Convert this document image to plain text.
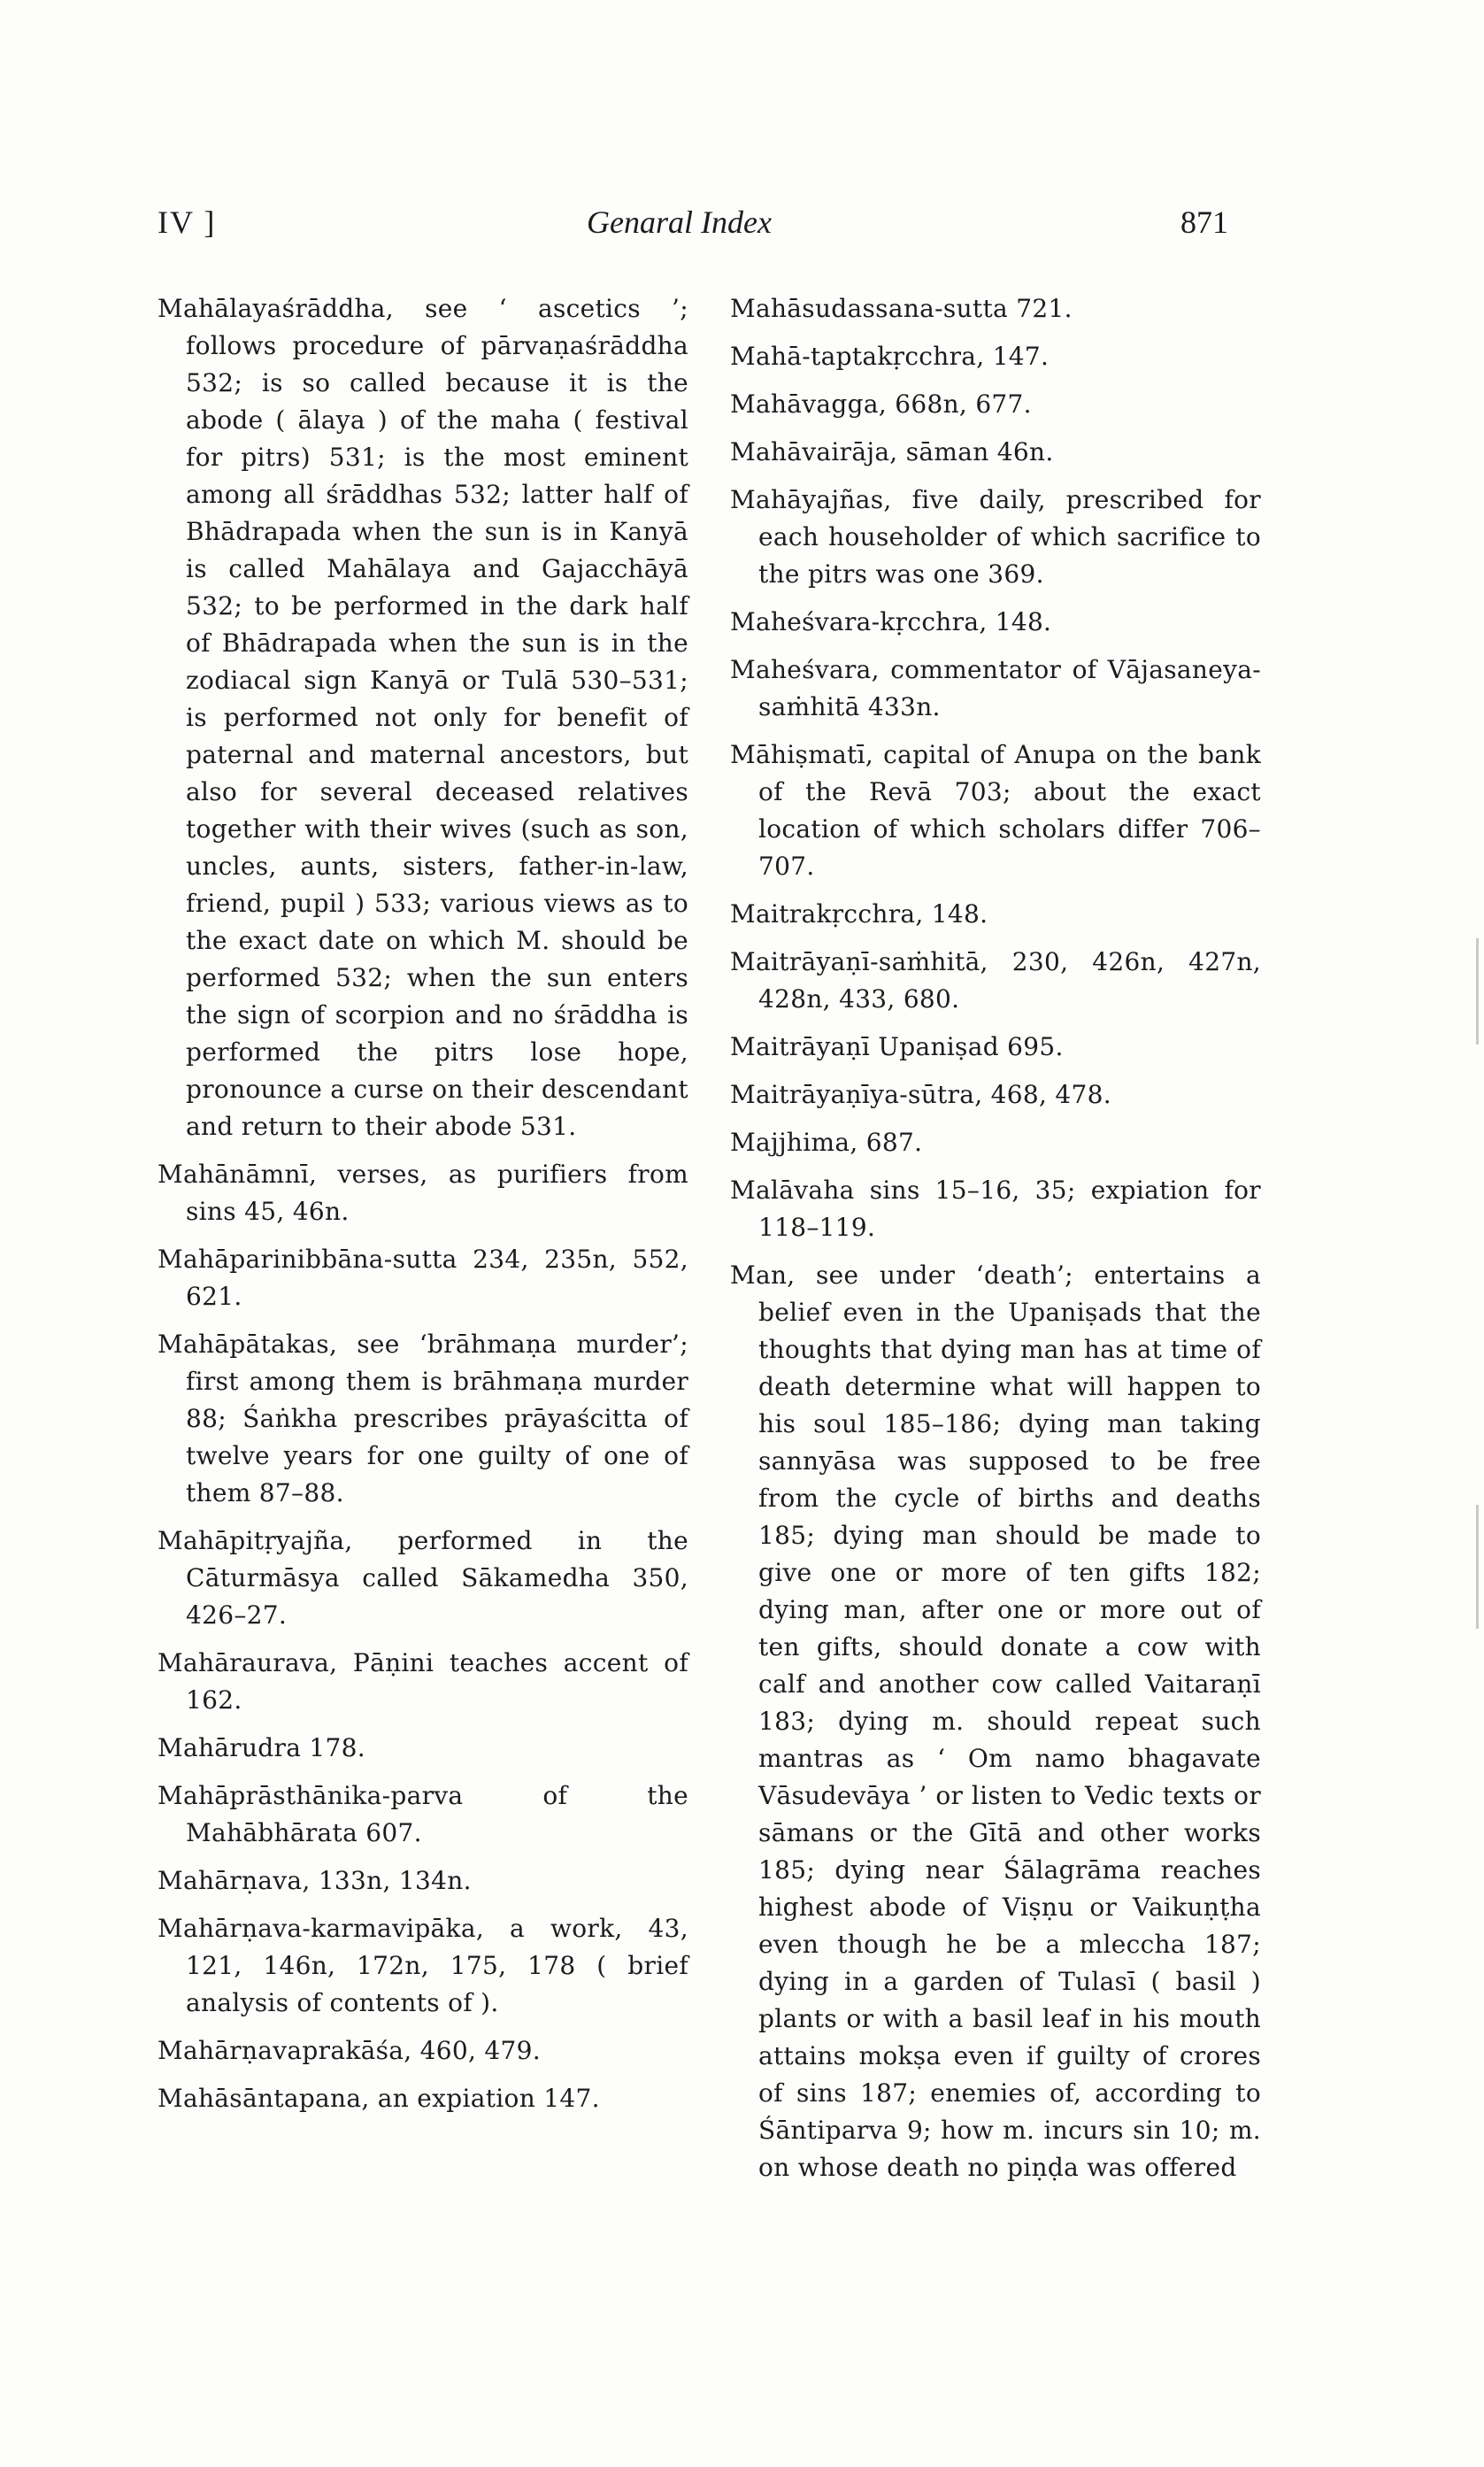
IV ]	Genaral Index	871

Mahālayaśrāddha, see ‘ ascetics ’; follows procedure of pārvaṇaśrāddha 532; is so called because it is the abode ( ālaya ) of the maha ( festival for pitrs) 531; is the most eminent among all śrāddhas 532; latter half of Bhādrapada when the sun is in Kanyā is called Mahālaya and Gajacchāyā 532; to be performed in the dark half of Bhādrapada when the sun is in the zodiacal sign Kanyā or Tulā 530–531; is performed not only for benefit of paternal and maternal ancestors, but also for several deceased relatives together with their wives (such as son, uncles, aunts, sisters, father-in-law, friend, pupil ) 533; various views as to the exact date on which M. should be performed 532; when the sun enters the sign of scorpion and no śrāddha is performed the pitrs lose hope, pronounce a curse on their descendant and return to their abode 531.

Mahānāmnī, verses, as purifiers from sins 45, 46n.

Mahāparinibbāna-sutta 234, 235n, 552, 621.

Mahāpātakas, see ‘brāhmaṇa murder’; first among them is brāhmaṇa murder 88; Śaṅkha prescribes prāyaścitta of twelve years for one guilty of one of them 87–88.

Mahāpitṛyajña, performed in the Cāturmāsya called Sākamedha 350, 426–27.

Mahāraurava, Pāṇini teaches accent of 162.

Mahārudra 178.

Mahāprāsthānika-parva of the Mahābhārata 607.

Mahārṇava, 133n, 134n.

Mahārṇava-karmavipāka, a work, 43, 121, 146n, 172n, 175, 178 ( brief analysis of contents of ).

Mahārṇavaprakāśa, 460, 479.

Mahāsāntapana, an expiation 147.

Mahāsudassana-sutta 721.

Mahā-taptakṛcchra, 147.

Mahāvagga, 668n, 677.

Mahāvairāja, sāman 46n.

Mahāyajñas, five daily, prescribed for each householder of which sacrifice to the pitrs was one 369.

Maheśvara-kṛcchra, 148.

Maheśvara, commentator of Vājasaneya-saṁhitā 433n.

Māhiṣmatī, capital of Anupa on the bank of the Revā 703; about the exact location of which scholars differ 706–707.

Maitrakṛcchra, 148.

Maitrāyaṇī-saṁhitā, 230, 426n, 427n, 428n, 433, 680.

Maitrāyaṇī Upaniṣad 695.

Maitrāyaṇīya-sūtra, 468, 478.

Majjhima, 687.

Malāvaha sins 15–16, 35; expiation for 118–119.

Man, see under ‘death’; entertains a belief even in the Upaniṣads that the thoughts that dying man has at time of death determine what will happen to his soul 185–186; dying man taking sannyāsa was supposed to be free from the cycle of births and deaths 185; dying man should be made to give one or more of ten gifts 182; dying man, after one or more out of ten gifts, should donate a cow with calf and another cow called Vaitaraṇī 183; dying m. should repeat such mantras as ‘ Om namo bhagavate Vāsudevāya ’ or listen to Vedic texts or sāmans or the Gītā and other works 185; dying near Śālagrāma reaches highest abode of Viṣṇu or Vaikuṇṭha even though he be a mleccha 187; dying in a garden of Tulasī ( basil ) plants or with a basil leaf in his mouth attains mokṣa even if guilty of crores of sins 187; enemies of, according to Śāntiparva 9; how m. incurs sin 10; m. on whose death no piṇḍa was offered
